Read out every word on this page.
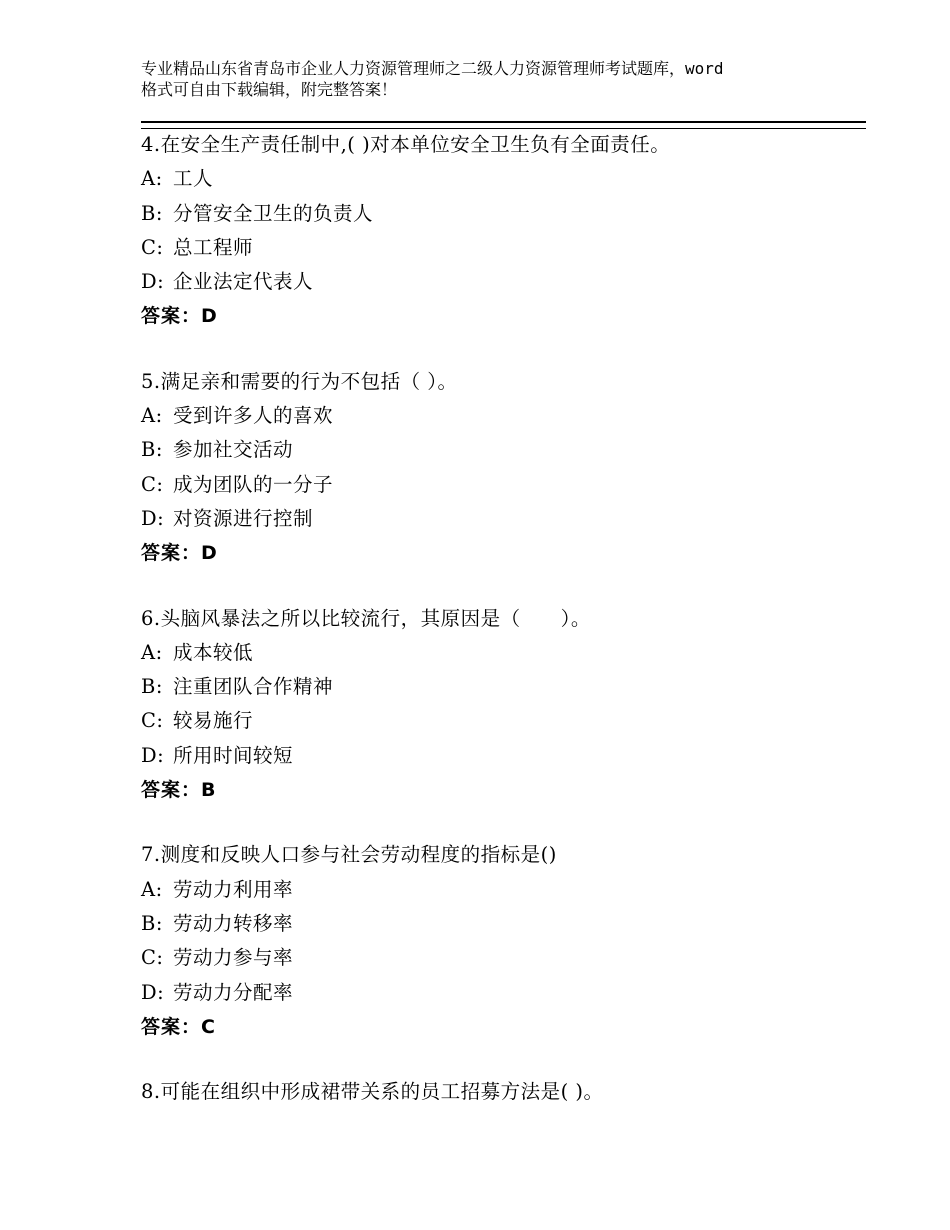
专业精品山东省青岛市企业人力资源管理师之二级人力资源管理师考试题库，word
格式可自由下载编辑，附完整答案！
4.在安全生产责任制中,( )对本单位安全卫生负有全面责任。
A: 工人
B: 分管安全卫生的负责人
C: 总工程师
D: 企业法定代表人
答案：D
5.满足亲和需要的行为不包括（ ）。
A: 受到许多人的喜欢
B: 参加社交活动
C: 成为团队的一分子
D: 对资源进行控制
答案：D
6.头脑风暴法之所以比较流行，其原因是（　　）。
A: 成本较低
B: 注重团队合作精神
C: 较易施行
D: 所用时间较短
答案：B
7.测度和反映人口参与社会劳动程度的指标是()
A: 劳动力利用率
B: 劳动力转移率
C: 劳动力参与率
D: 劳动力分配率
答案：C
8.可能在组织中形成裙带关系的员工招募方法是( )。
